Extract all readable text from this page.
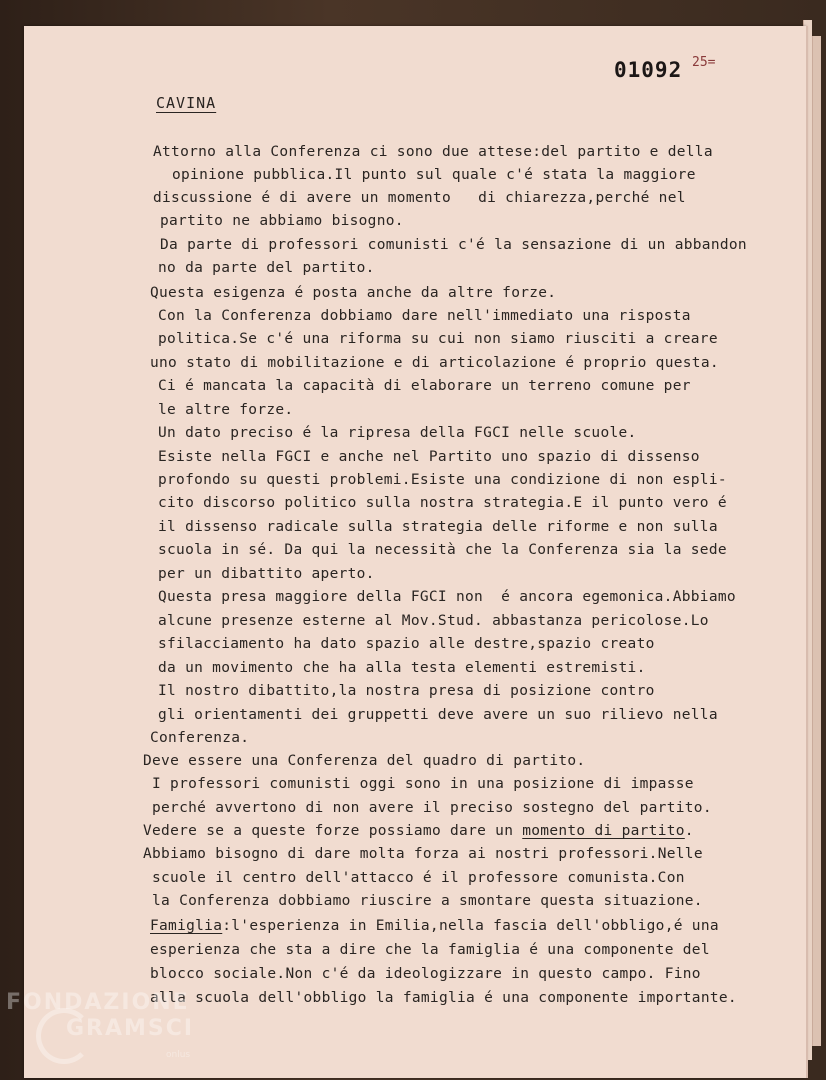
01092 25=
CAVINA
Attorno alla Conferenza ci sono due attese:del partito e della
opinione pubblica.Il punto sul quale c'é stata la maggiore
discussione é di avere un momento   di chiarezza,perché nel
partito ne abbiamo bisogno.
Da parte di professori comunisti c'é la sensazione di un abbandon
no da parte del partito.
Questa esigenza é posta anche da altre forze.
Con la Conferenza dobbiamo dare nell'immediato una risposta
politica.Se c'é una riforma su cui non siamo riusciti a creare
uno stato di mobilitazione e di articolazione é proprio questa.
Ci é mancata la capacità di elaborare un terreno comune per
le altre forze.
Un dato preciso é la ripresa della FGCI nelle scuole.
Esiste nella FGCI e anche nel Partito uno spazio di dissenso
profondo su questi problemi.Esiste una condizione di non espli-
cito discorso politico sulla nostra strategia.E il punto vero é
il dissenso radicale sulla strategia delle riforme e non sulla
scuola in sé. Da qui la necessità che la Conferenza sia la sede
per un dibattito aperto.
Questa presa maggiore della FGCI non  é ancora egemonica.Abbiamo
alcune presenze esterne al Mov.Stud. abbastanza pericolose.Lo
sfilacciamento ha dato spazio alle destre,spazio creato
da un movimento che ha alla testa elementi estremisti.
Il nostro dibattito,la nostra presa di posizione contro
gli orientamenti dei gruppetti deve avere un suo rilievo nella
Conferenza.
Deve essere una Conferenza del quadro di partito.
I professori comunisti oggi sono in una posizione di impasse
perché avvertono di non avere il preciso sostegno del partito.
Vedere se a queste forze possiamo dare un momento di partito.
Abbiamo bisogno di dare molta forza ai nostri professori.Nelle
scuole il centro dell'attacco é il professore comunista.Con
la Conferenza dobbiamo riuscire a smontare questa situazione.
Famiglia:l'esperienza in Emilia,nella fascia dell'obbligo,é una
esperienza che sta a dire che la famiglia é una componente del
blocco sociale.Non c'é da ideologizzare in questo campo. Fino
alla scuola dell'obbligo la famiglia é una componente importante.
FONDAZIONE
GRAMSCI
onlus
